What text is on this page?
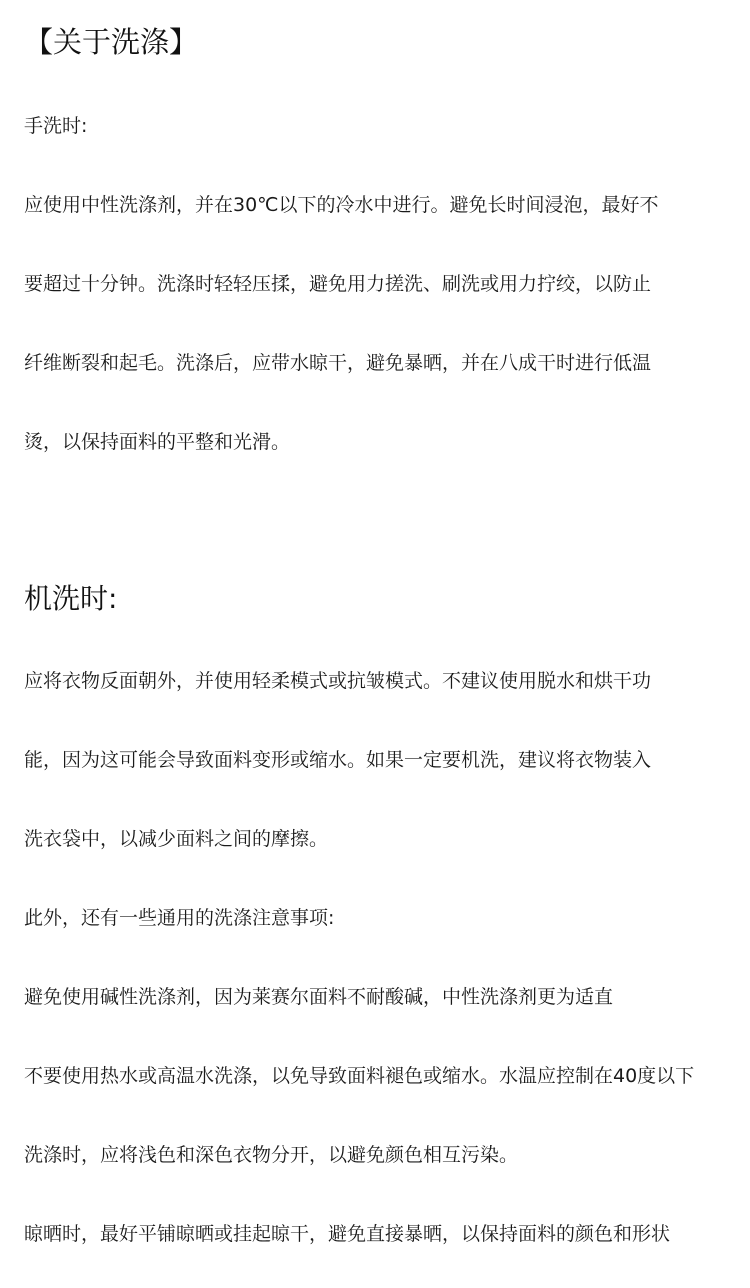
【关于洗涤】
手洗时:
应使用中性洗涤剂，并在30℃以下的冷水中进行。避免长时间浸泡，最好不
要超过十分钟。洗涤时轻轻压揉，避免用力搓洗、刷洗或用力拧绞，以防止
纤维断裂和起毛。洗涤后，应带水晾干，避免暴晒，并在八成干时进行低温
烫，以保持面料的平整和光滑。
机洗时:
应将衣物反面朝外，并使用轻柔模式或抗皱模式。不建议使用脱水和烘干功
能，因为这可能会导致面料变形或缩水。如果一定要机洗，建议将衣物装入
洗衣袋中，以减少面料之间的摩擦。
此外，还有一些通用的洗涤注意事项:
避免使用碱性洗涤剂，因为莱赛尔面料不耐酸碱，中性洗涤剂更为适直
不要使用热水或高温水洗涤，以免导致面料褪色或缩水。水温应控制在40度以下
洗涤时，应将浅色和深色衣物分开，以避免颜色相互污染。
晾晒时，最好平铺晾晒或挂起晾干，避免直接暴晒，以保持面料的颜色和形状
